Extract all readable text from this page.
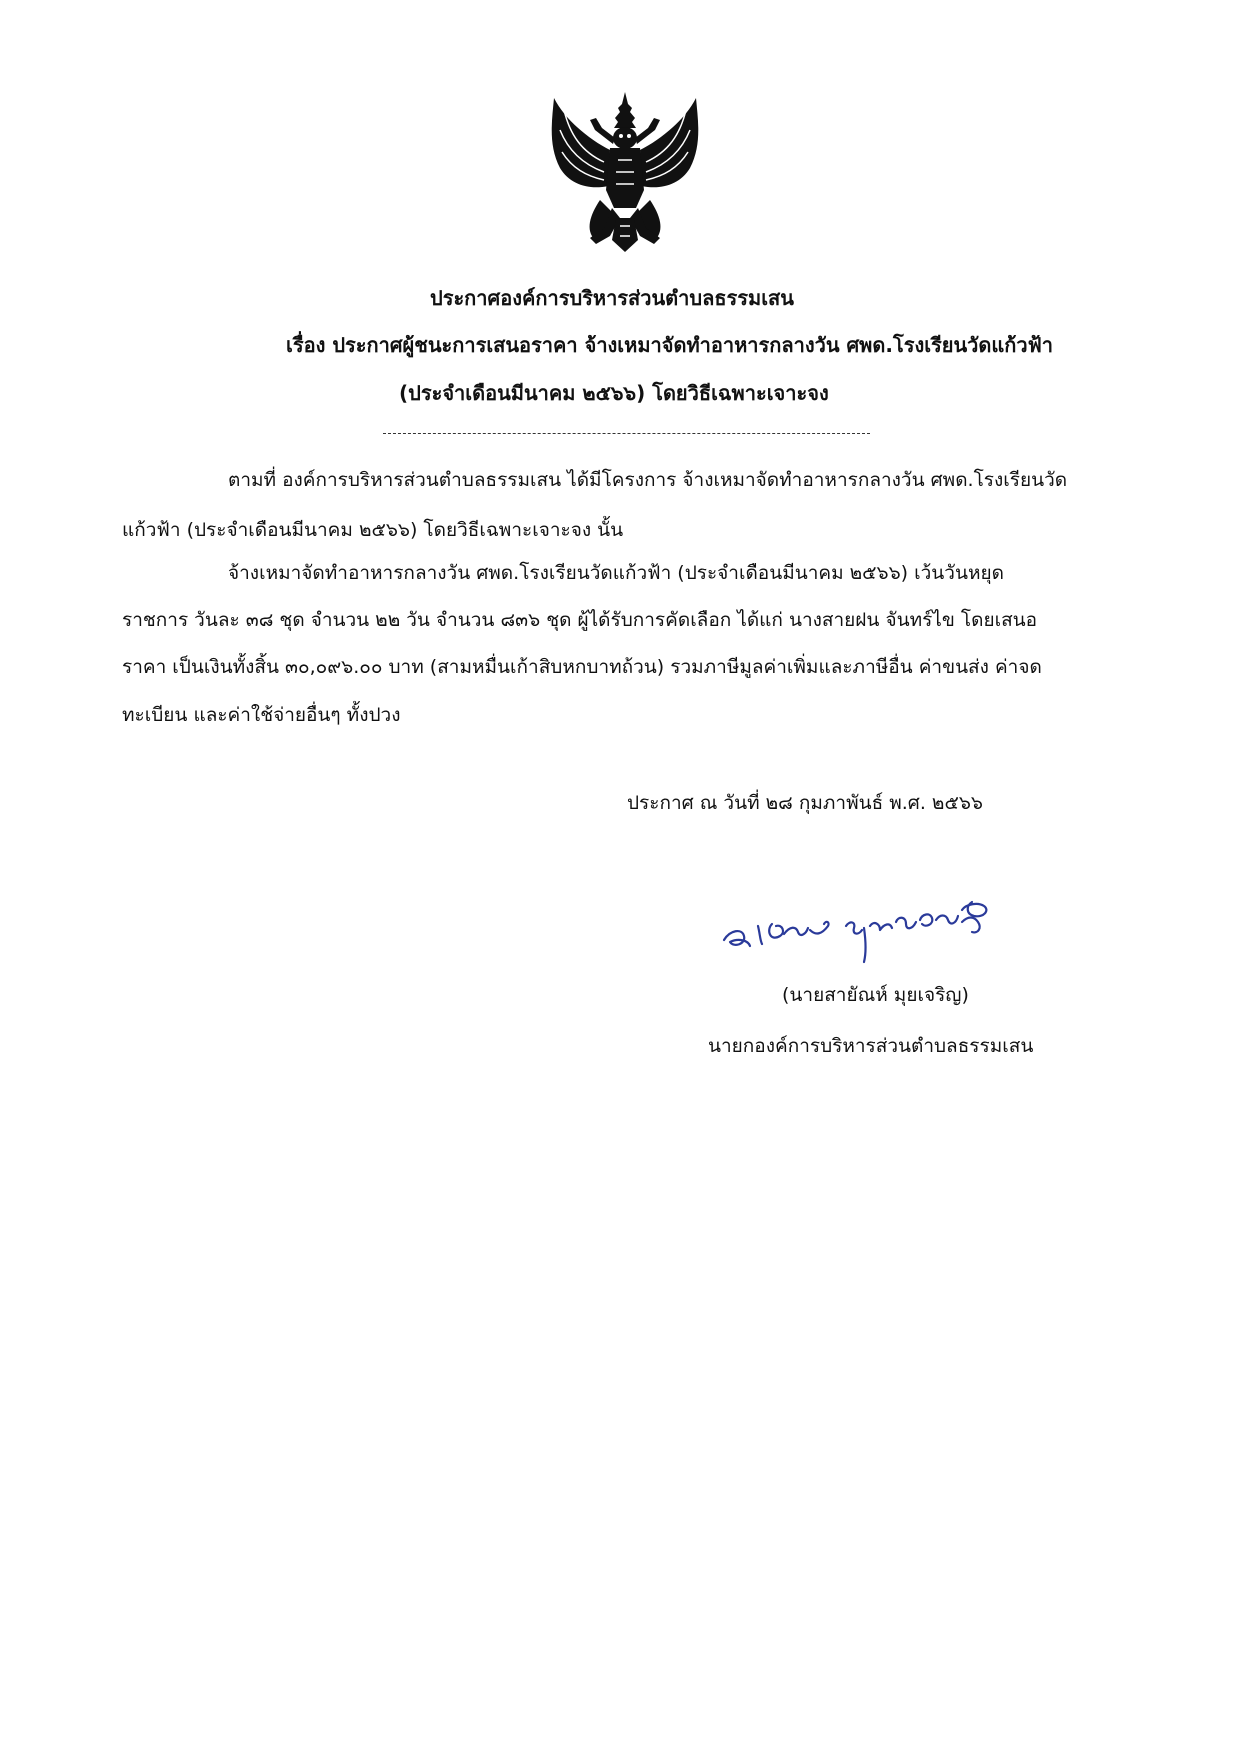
ประกาศองค์การบริหารส่วนตำบลธรรมเสน
เรื่อง ประกาศผู้ชนะการเสนอราคา จ้างเหมาจัดทำอาหารกลางวัน ศพด.โรงเรียนวัดแก้วฟ้า
(ประจำเดือนมีนาคม ๒๕๖๖) โดยวิธีเฉพาะเจาะจง
ตามที่ องค์การบริหารส่วนตำบลธรรมเสน ได้มีโครงการ จ้างเหมาจัดทำอาหารกลางวัน ศพด.โรงเรียนวัด
แก้วฟ้า (ประจำเดือนมีนาคม ๒๕๖๖) โดยวิธีเฉพาะเจาะจง นั้น
จ้างเหมาจัดทำอาหารกลางวัน ศพด.โรงเรียนวัดแก้วฟ้า (ประจำเดือนมีนาคม ๒๕๖๖) เว้นวันหยุด
ราชการ วันละ ๓๘ ชุด จำนวน ๒๒ วัน จำนวน ๘๓๖ ชุด ผู้ได้รับการคัดเลือก ได้แก่ นางสายฝน จันทร์ไข โดยเสนอ
ราคา เป็นเงินทั้งสิ้น ๓๐,๐๙๖.๐๐ บาท (สามหมื่นเก้าสิบหกบาทถ้วน) รวมภาษีมูลค่าเพิ่มและภาษีอื่น ค่าขนส่ง ค่าจด
ทะเบียน และค่าใช้จ่ายอื่นๆ ทั้งปวง
ประกาศ ณ วันที่ ๒๘ กุมภาพันธ์ พ.ศ. ๒๕๖๖
(นายสายัณห์ มุยเจริญ)
นายกองค์การบริหารส่วนตำบลธรรมเสน
